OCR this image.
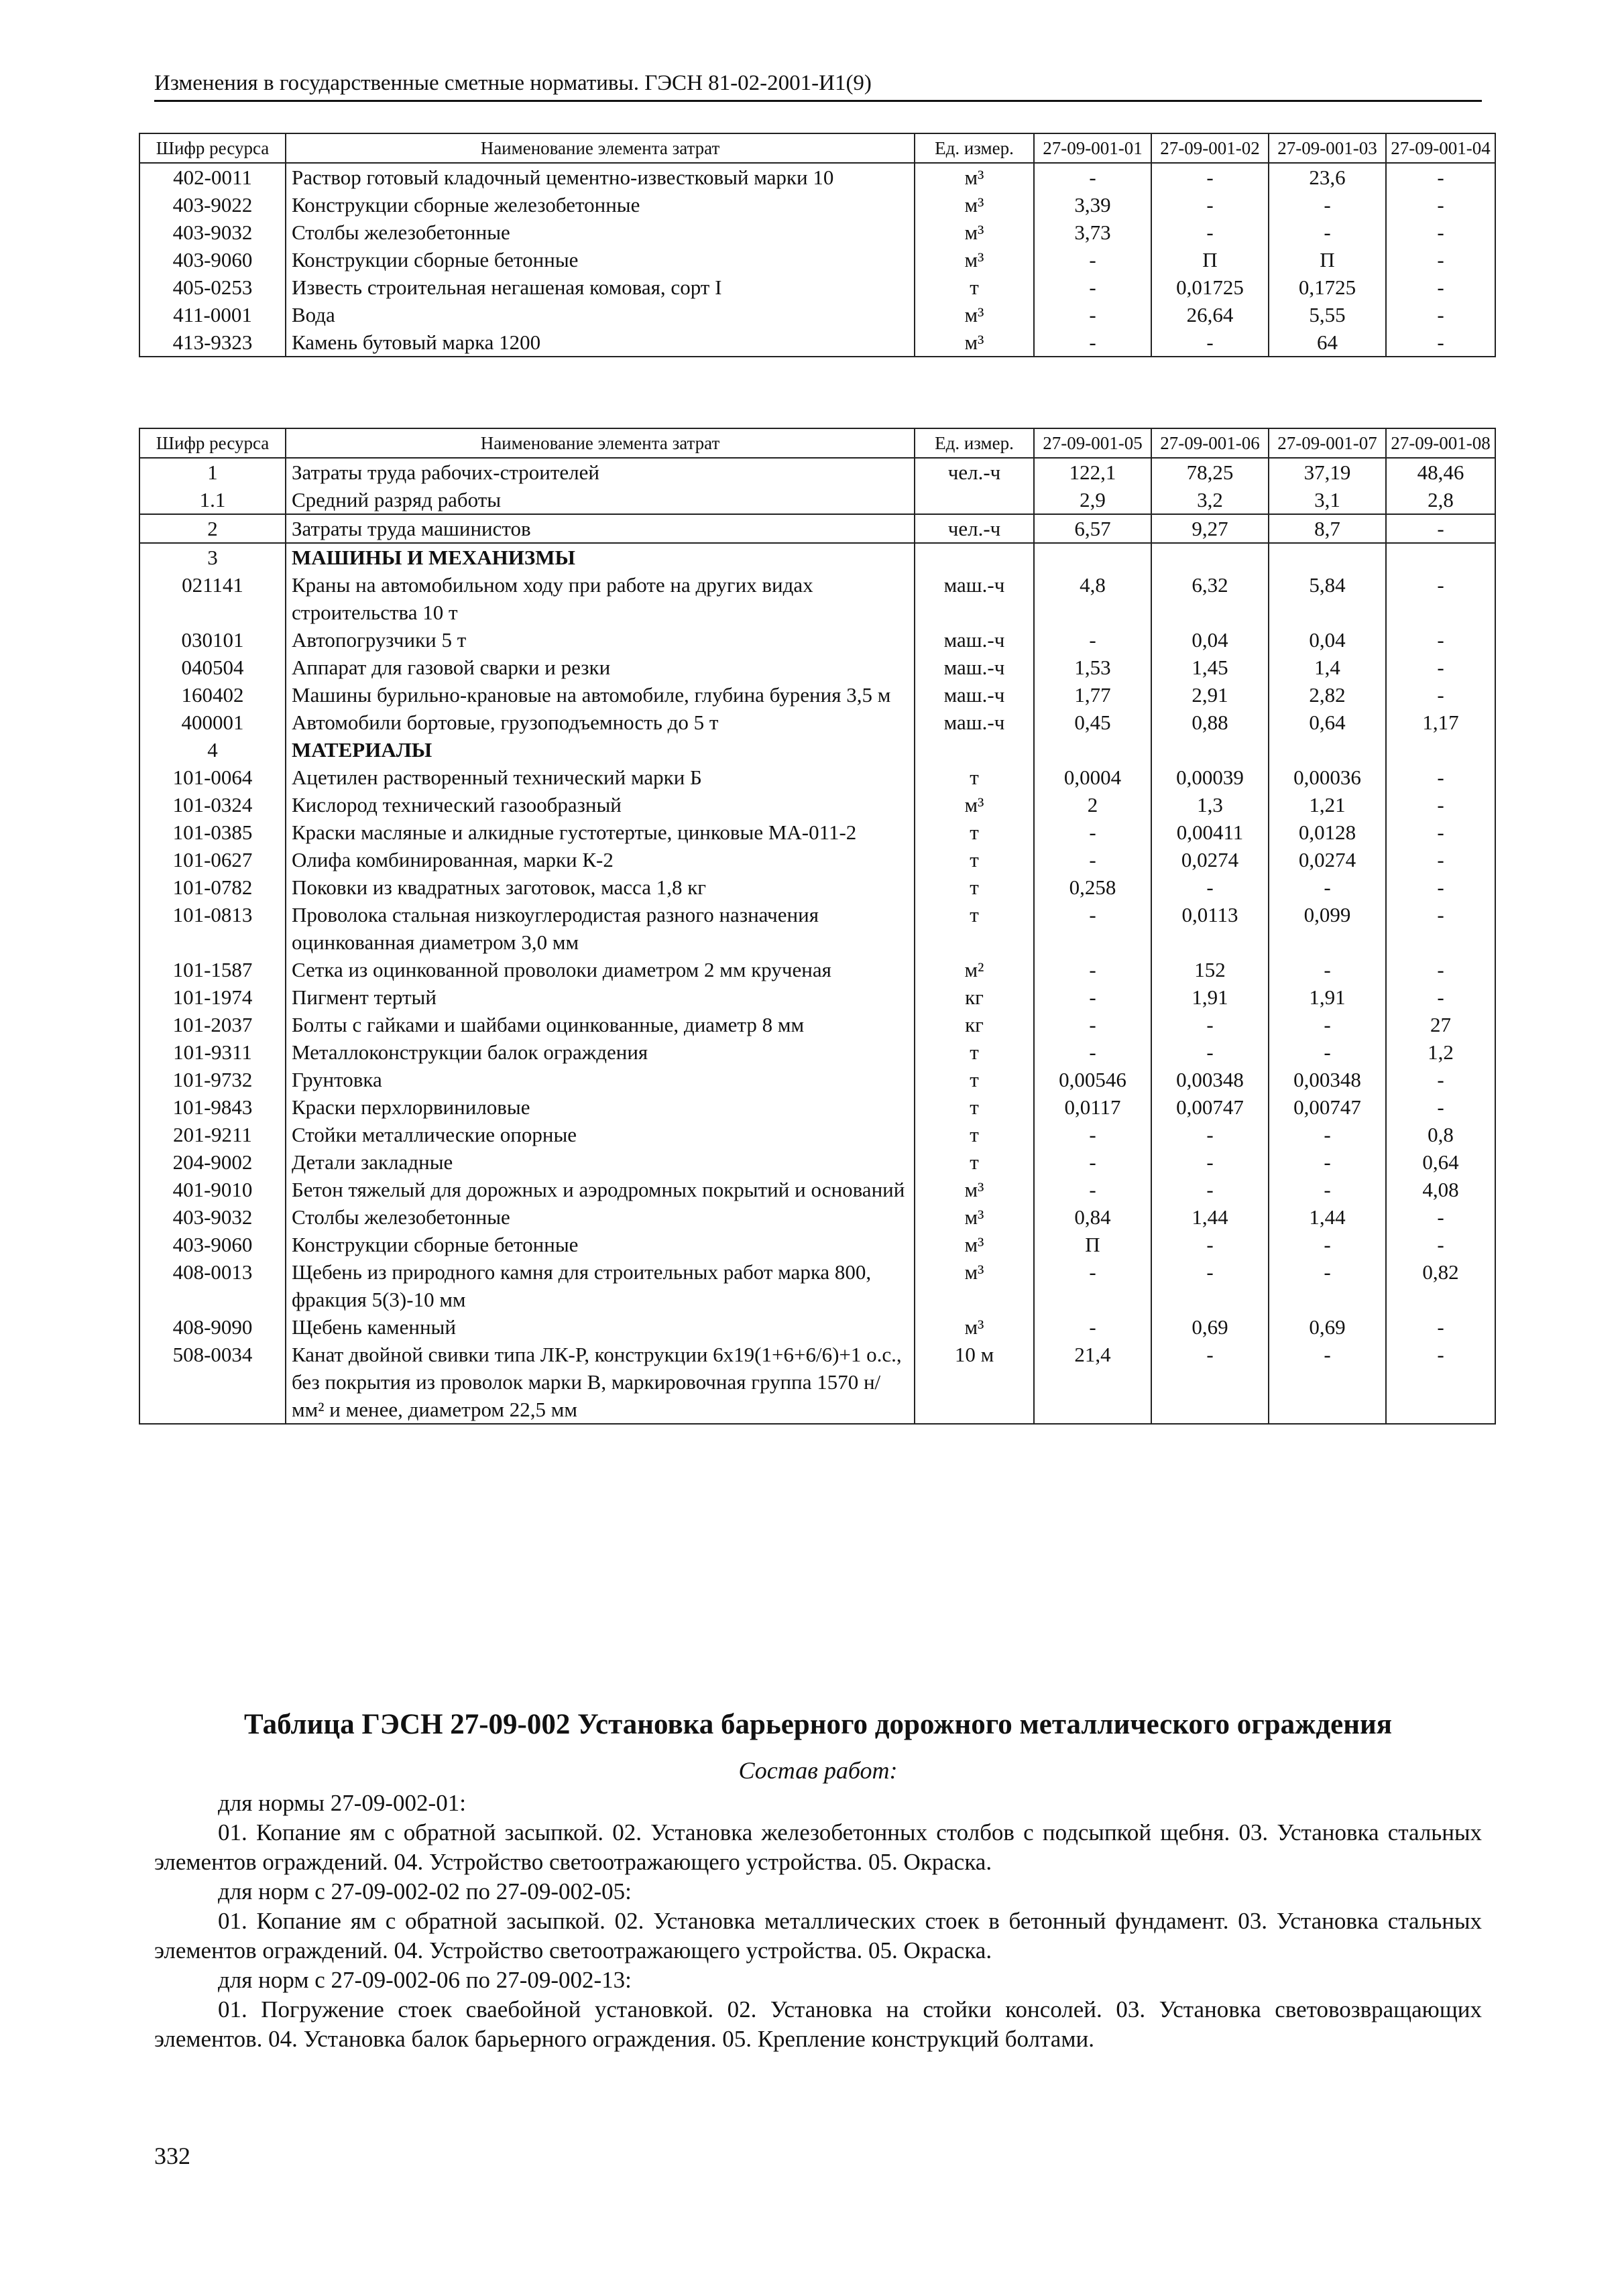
Изменения в государственные сметные нормативы. ГЭСН 81-02-2001-И1(9)
Шифр ресурса	Наименование элемента затрат	Ед. измер.	27-09-001-01	27-09-001-02	27-09-001-03	27-09-001-04
402-0011	Раствор готовый кладочный цементно-известковый марки 10	м³	-	-	23,6	-
403-9022	Конструкции сборные железобетонные	м³	3,39	-	-	-
403-9032	Столбы железобетонные	м³	3,73	-	-	-
403-9060	Конструкции сборные бетонные	м³	-	П	П	-
405-0253	Известь строительная негашеная комовая, сорт I	т	-	0,01725	0,1725	-
411-0001	Вода	м³	-	26,64	5,55	-
413-9323	Камень бутовый марка 1200	м³	-	-	64	-
Шифр ресурса	Наименование элемента затрат	Ед. измер.	27-09-001-05	27-09-001-06	27-09-001-07	27-09-001-08
1	Затраты труда рабочих-строителей	чел.-ч	122,1	78,25	37,19	48,46
1.1	Средний разряд работы		2,9	3,2	3,1	2,8
2	Затраты труда машинистов	чел.-ч	6,57	9,27	8,7	-
3	МАШИНЫ И МЕХАНИЗМЫ					
021141	Краны на автомобильном ходу при работе на других видах строительства 10 т	маш.-ч	4,8	6,32	5,84	-
030101	Автопогрузчики 5 т	маш.-ч	-	0,04	0,04	-
040504	Аппарат для газовой сварки и резки	маш.-ч	1,53	1,45	1,4	-
160402	Машины бурильно-крановые на автомобиле, глубина бурения 3,5 м	маш.-ч	1,77	2,91	2,82	-
400001	Автомобили бортовые, грузоподъемность до 5 т	маш.-ч	0,45	0,88	0,64	1,17
4	МАТЕРИАЛЫ					
101-0064	Ацетилен растворенный технический марки Б	т	0,0004	0,00039	0,00036	-
101-0324	Кислород технический газообразный	м³	2	1,3	1,21	-
101-0385	Краски масляные и алкидные густотертые, цинковые МА-011-2	т	-	0,00411	0,0128	-
101-0627	Олифа комбинированная, марки К-2	т	-	0,0274	0,0274	-
101-0782	Поковки из квадратных заготовок, масса 1,8 кг	т	0,258	-	-	-
101-0813	Проволока стальная низкоуглеродистая разного назначения оцинкованная диаметром 3,0 мм	т	-	0,0113	0,099	-
101-1587	Сетка из оцинкованной проволоки диаметром 2 мм крученая	м²	-	152	-	-
101-1974	Пигмент тертый	кг	-	1,91	1,91	-
101-2037	Болты с гайками и шайбами оцинкованные, диаметр 8 мм	кг	-	-	-	27
101-9311	Металлоконструкции балок ограждения	т	-	-	-	1,2
101-9732	Грунтовка	т	0,00546	0,00348	0,00348	-
101-9843	Краски перхлорвиниловые	т	0,0117	0,00747	0,00747	-
201-9211	Стойки металлические опорные	т	-	-	-	0,8
204-9002	Детали закладные	т	-	-	-	0,64
401-9010	Бетон тяжелый для дорожных и аэродромных покрытий и оснований	м³	-	-	-	4,08
403-9032	Столбы железобетонные	м³	0,84	1,44	1,44	-
403-9060	Конструкции сборные бетонные	м³	П	-	-	-
408-0013	Щебень из природного камня для строительных работ марка 800, фракция 5(3)-10 мм	м³	-	-	-	0,82
408-9090	Щебень каменный	м³	-	0,69	0,69	-
508-0034	Канат двойной свивки типа ЛК-Р, конструкции 6х19(1+6+6/6)+1 о.с., без покрытия из проволок марки В, маркировочная группа 1570 н/мм² и менее, диаметром 22,5 мм	10 м	21,4	-	-	-
Таблица ГЭСН 27-09-002 Установка барьерного дорожного металлического ограждения
Состав работ:

для нормы 27-09-002-01:

01. Копание ям с обратной засыпкой. 02. Установка железобетонных столбов с подсыпкой щебня. 03. Установка стальных элементов ограждений. 04. Устройство светоотражающего устройства. 05. Окраска.

для норм с 27-09-002-02 по 27-09-002-05:

01. Копание ям с обратной засыпкой. 02. Установка металлических стоек в бетонный фундамент. 03. Установка стальных элементов ограждений. 04. Устройство светоотражающего устройства. 05. Окраска.

для норм с 27-09-002-06 по 27-09-002-13:

01. Погружение стоек сваебойной установкой. 02. Установка на стойки консолей. 03. Установка световозвращающих элементов. 04. Установка балок барьерного ограждения. 05. Крепление конструкций болтами.

332
